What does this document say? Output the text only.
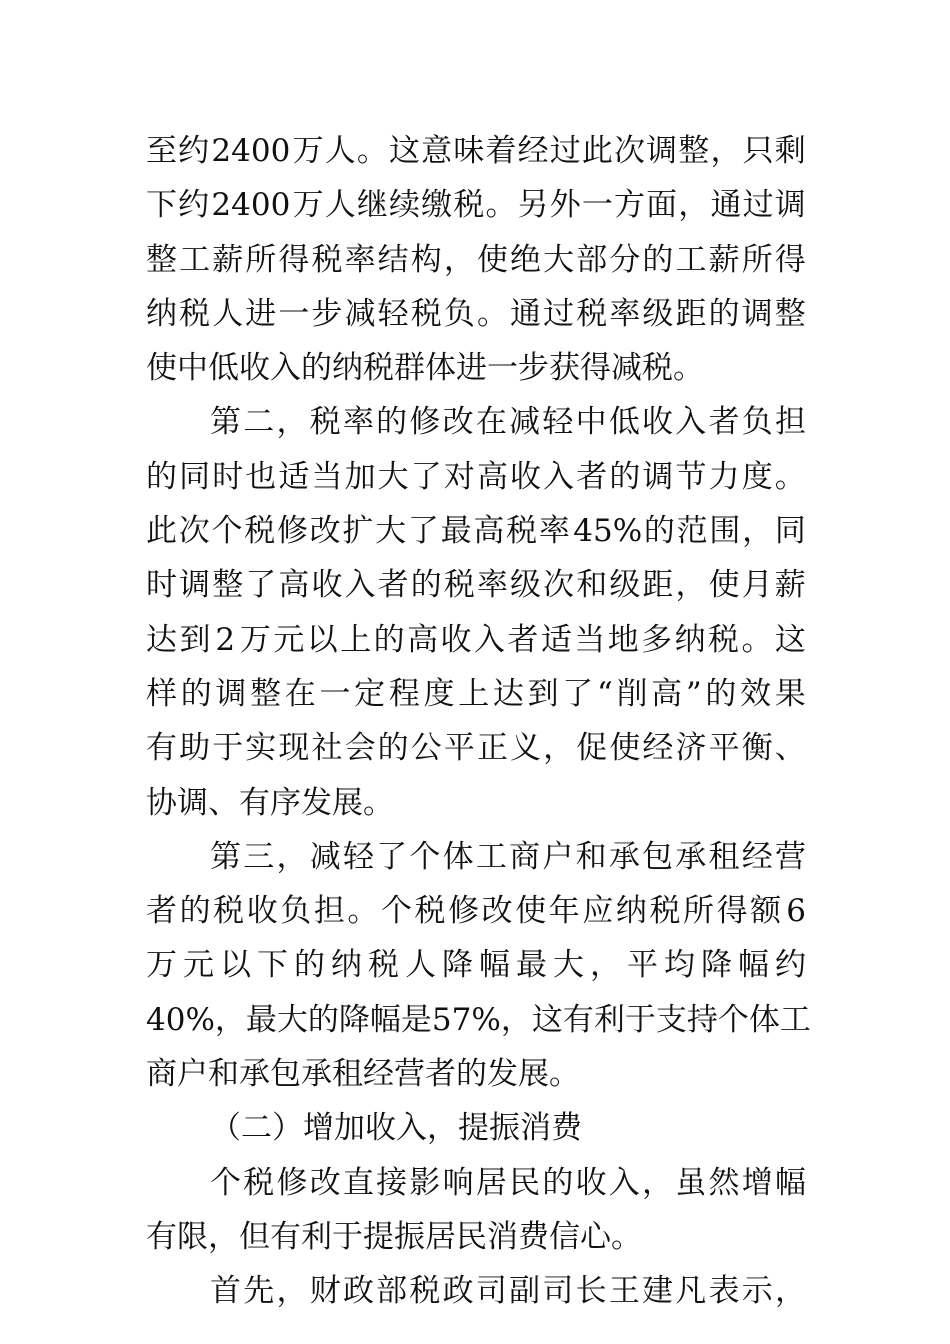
至 约 2400 万 人 。 这 意 味 着 经 过 此 次 调 整 ， 只 剩
下 约 2400 万 人 继 续 缴 税 。 另 外 一 方 面 ， 通 过 调
整 工 薪 所 得 税 率 结 构 ， 使 绝 大 部 分 的 工 薪 所 得
纳 税 人 进 一 步 减 轻 税 负 。 通 过 税 率 级 距 的 调 整
使中低收入的纳税群体进一步获得减税。
第 二 ， 税 率 的 修 改 在 减 轻 中 低 收 入 者 负 担
的 同 时 也 适 当 加 大 了 对 高 收 入 者 的 调 节 力 度 。
此 次 个 税 修 改 扩 大 了 最 高 税 率 45% 的 范 围 ， 同
时 调 整 了 高 收 入 者 的 税 率 级 次 和 级 距 ， 使 月 薪
达 到 2 万 元 以 上 的 高 收 入 者 适 当 地 多 纳 税 。 这
样 的 调 整 在 一 定 程 度 上 达 到 了 “ 削 高 ” 的 效 果
有 助 于 实 现 社 会 的 公 平 正 义 ， 促 使 经 济 平 衡 、
协调、有序发展。
第 三 ， 减 轻 了 个 体 工 商 户 和 承 包 承 租 经 营
者 的 税 收 负 担 。 个 税 修 改 使 年 应 纳 税 所 得 额 6
万 元 以 下 的 纳 税 人 降 幅 最 大 ， 平 均 降 幅 约
40% ， 最 大 的 降 幅 是 57% ， 这 有 利 于 支 持 个 体 工
商户和承包承租经营者的发展。
（二）增加收入，提振消费
个 税 修 改 直 接 影 响 居 民 的 收 入 ， 虽 然 增 幅
有限，但有利于提振居民消费信心。
首 先 ， 财 政 部 税 政 司 副 司 长 王 建 凡 表 示 ，
